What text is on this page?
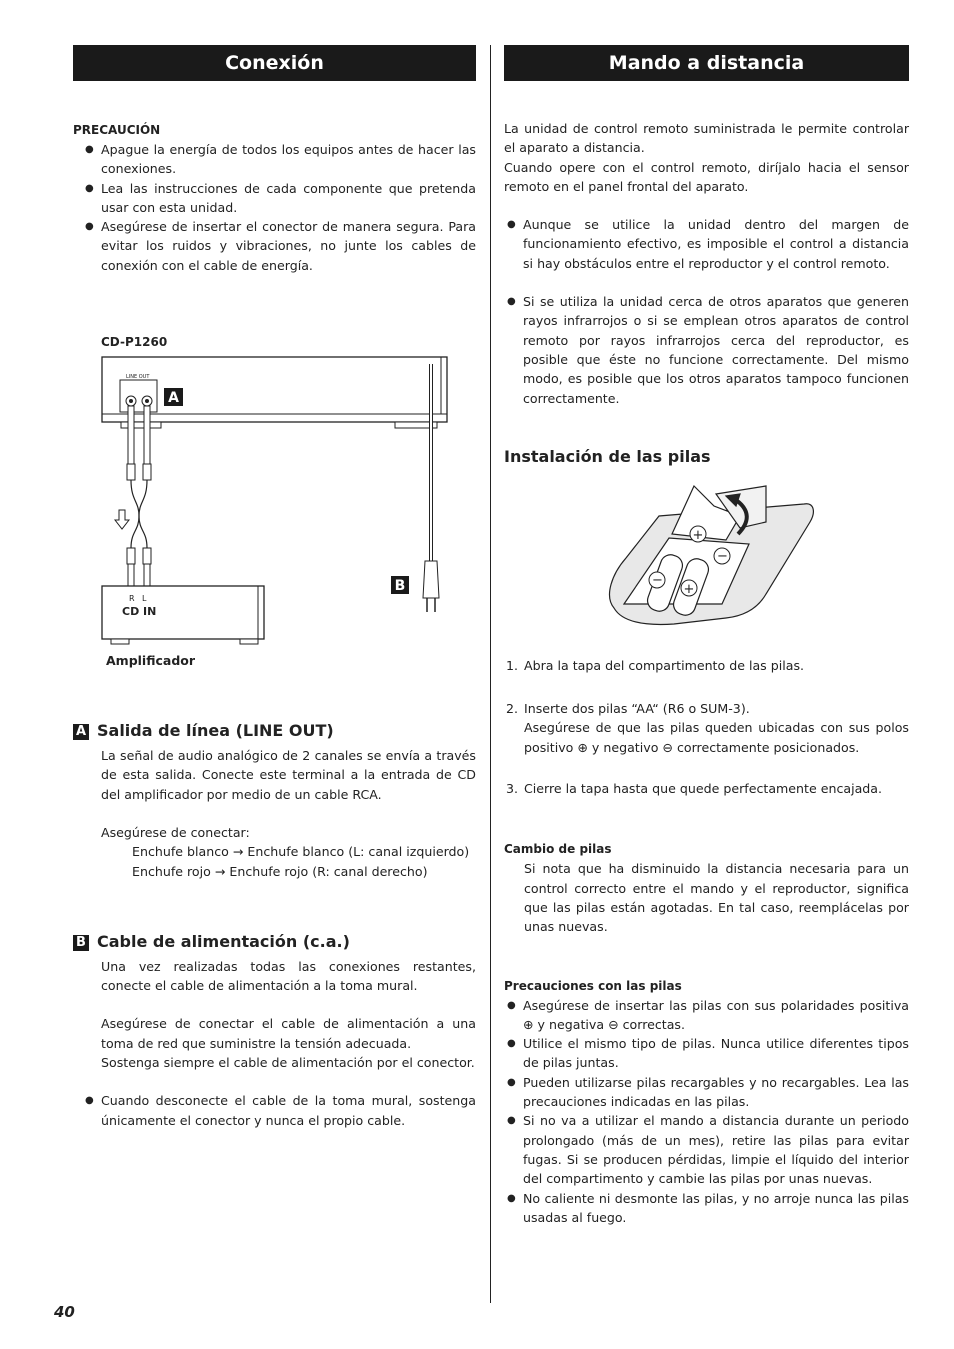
Conexión
PRECAUCIÓN
● Apague la energía de todos los equipos antes de hacer las conexiones.
● Lea las instrucciones de cada componente que pretenda usar con esta unidad.
● Asegúrese de insertar el conector de manera segura. Para evitar los ruidos y vibraciones, no junte los cables de conexión con el cable de energía.
CD-P1260
LINE OUT
A
B
R L
CD IN
Amplificador
A Salida de línea (LINE OUT)

La señal de audio analógico de 2 canales se envía a través de esta salida. Conecte este terminal a la entrada de CD del amplificador por medio de un cable RCA.

Asegúrese de conectar:

Enchufe blanco → Enchufe blanco (L: canal izquierdo)
Enchufe rojo → Enchufe rojo (R: canal derecho)
B Cable de alimentación (c.a.)

Una vez realizadas todas las conexiones restantes, conecte el cable de alimentación a la toma mural.

Asegúrese de conectar el cable de alimentación a una toma de red que suministre la tensión adecuada.

Sostenga siempre el cable de alimentación por el conector.

● Cuando desconecte el cable de la toma mural, sostenga únicamente el conector y nunca el propio cable.
Mando a distancia

La unidad de control remoto suministrada le permite controlar el aparato a distancia.

Cuando opere con el control remoto, diríjalo hacia el sensor remoto en el panel frontal del aparato.

● Aunque se utilice la unidad dentro del margen de funcionamiento efectivo, es imposible el control a distancia si hay obstáculos entre el reproductor y el control remoto.
● Si se utiliza la unidad cerca de otros aparatos que generen rayos infrarrojos o si se emplean otros aparatos de control remoto por rayos infrarrojos cerca del reproductor, es posible que éste no funcione correctamente. Del mismo modo, es posible que los otros aparatos tampoco funcionen correctamente.
Instalación de las pilas
+
−
−
+
1. Abra la tapa del compartimento de las pilas.
2. Inserte dos pilas “AA“ (R6 o SUM-3).

Asegúrese de que las pilas queden ubicadas con sus polos positivo ⊕ y negativo ⊖ correctamente posicionados.

3. Cierre la tapa hasta que quede perfectamente encajada.
Cambio de pilas

Si nota que ha disminuido la distancia necesaria para un control correcto entre el mando y el reproductor, significa que las pilas están agotadas. En tal caso, reemplácelas por unas nuevas.

Precauciones con las pilas
● Asegúrese de insertar las pilas con sus polaridades positiva ⊕ y negativa ⊖ correctas.
● Utilice el mismo tipo de pilas. Nunca utilice diferentes tipos de pilas juntas.
● Pueden utilizarse pilas recargables y no recargables. Lea las precauciones indicadas en las pilas.
● Si no va a utilizar el mando a distancia durante un periodo prolongado (más de un mes), retire las pilas para evitar fugas. Si se producen pérdidas, limpie el líquido del interior del compartimento y cambie las pilas por unas nuevas.
● No caliente ni desmonte las pilas, y no arroje nunca las pilas usadas al fuego.
40
